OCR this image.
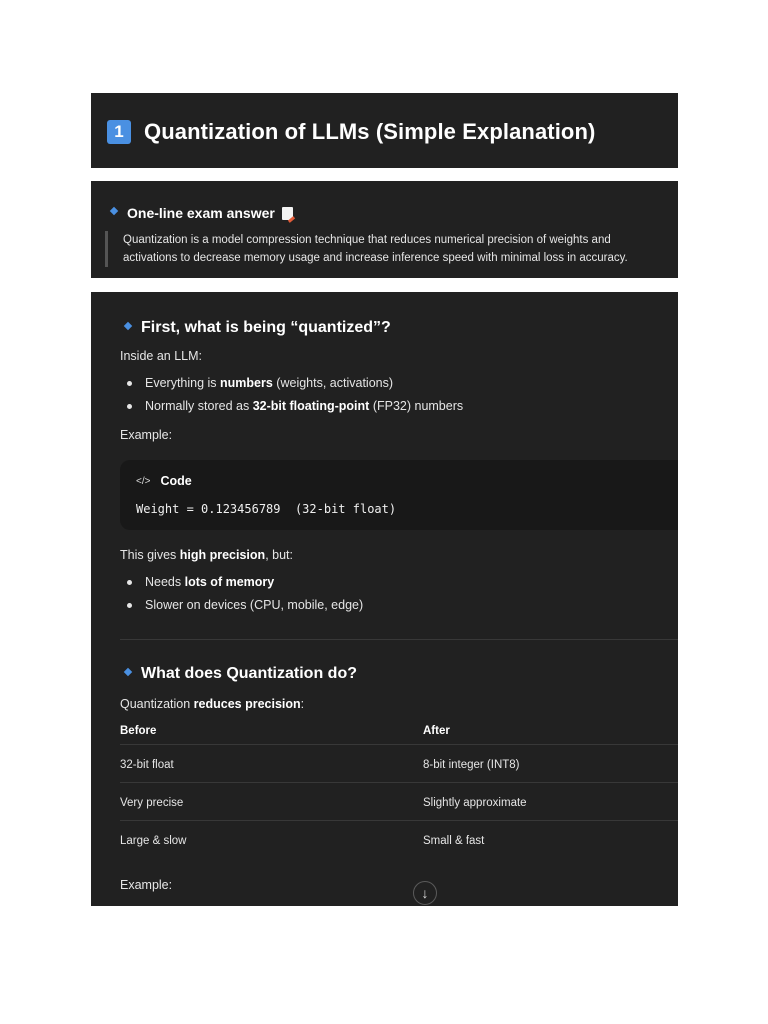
1 Quantization of LLMs (Simple Explanation)
One-line exam answer
Quantization is a model compression technique that reduces numerical precision of weights and activations to decrease memory usage and increase inference speed with minimal loss in accuracy.
First, what is being “quantized”?
Inside an LLM:
Everything is numbers (weights, activations)
Normally stored as 32-bit floating-point (FP32) numbers
Example:
</> Code
Weight = 0.123456789  (32-bit float)
This gives high precision, but:
Needs lots of memory
Slower on devices (CPU, mobile, edge)
What does Quantization do?
Quantization reduces precision:
Before	After
32-bit float	8-bit integer (INT8)
Very precise	Slightly approximate
Large & slow	Small & fast
Example:	↓
